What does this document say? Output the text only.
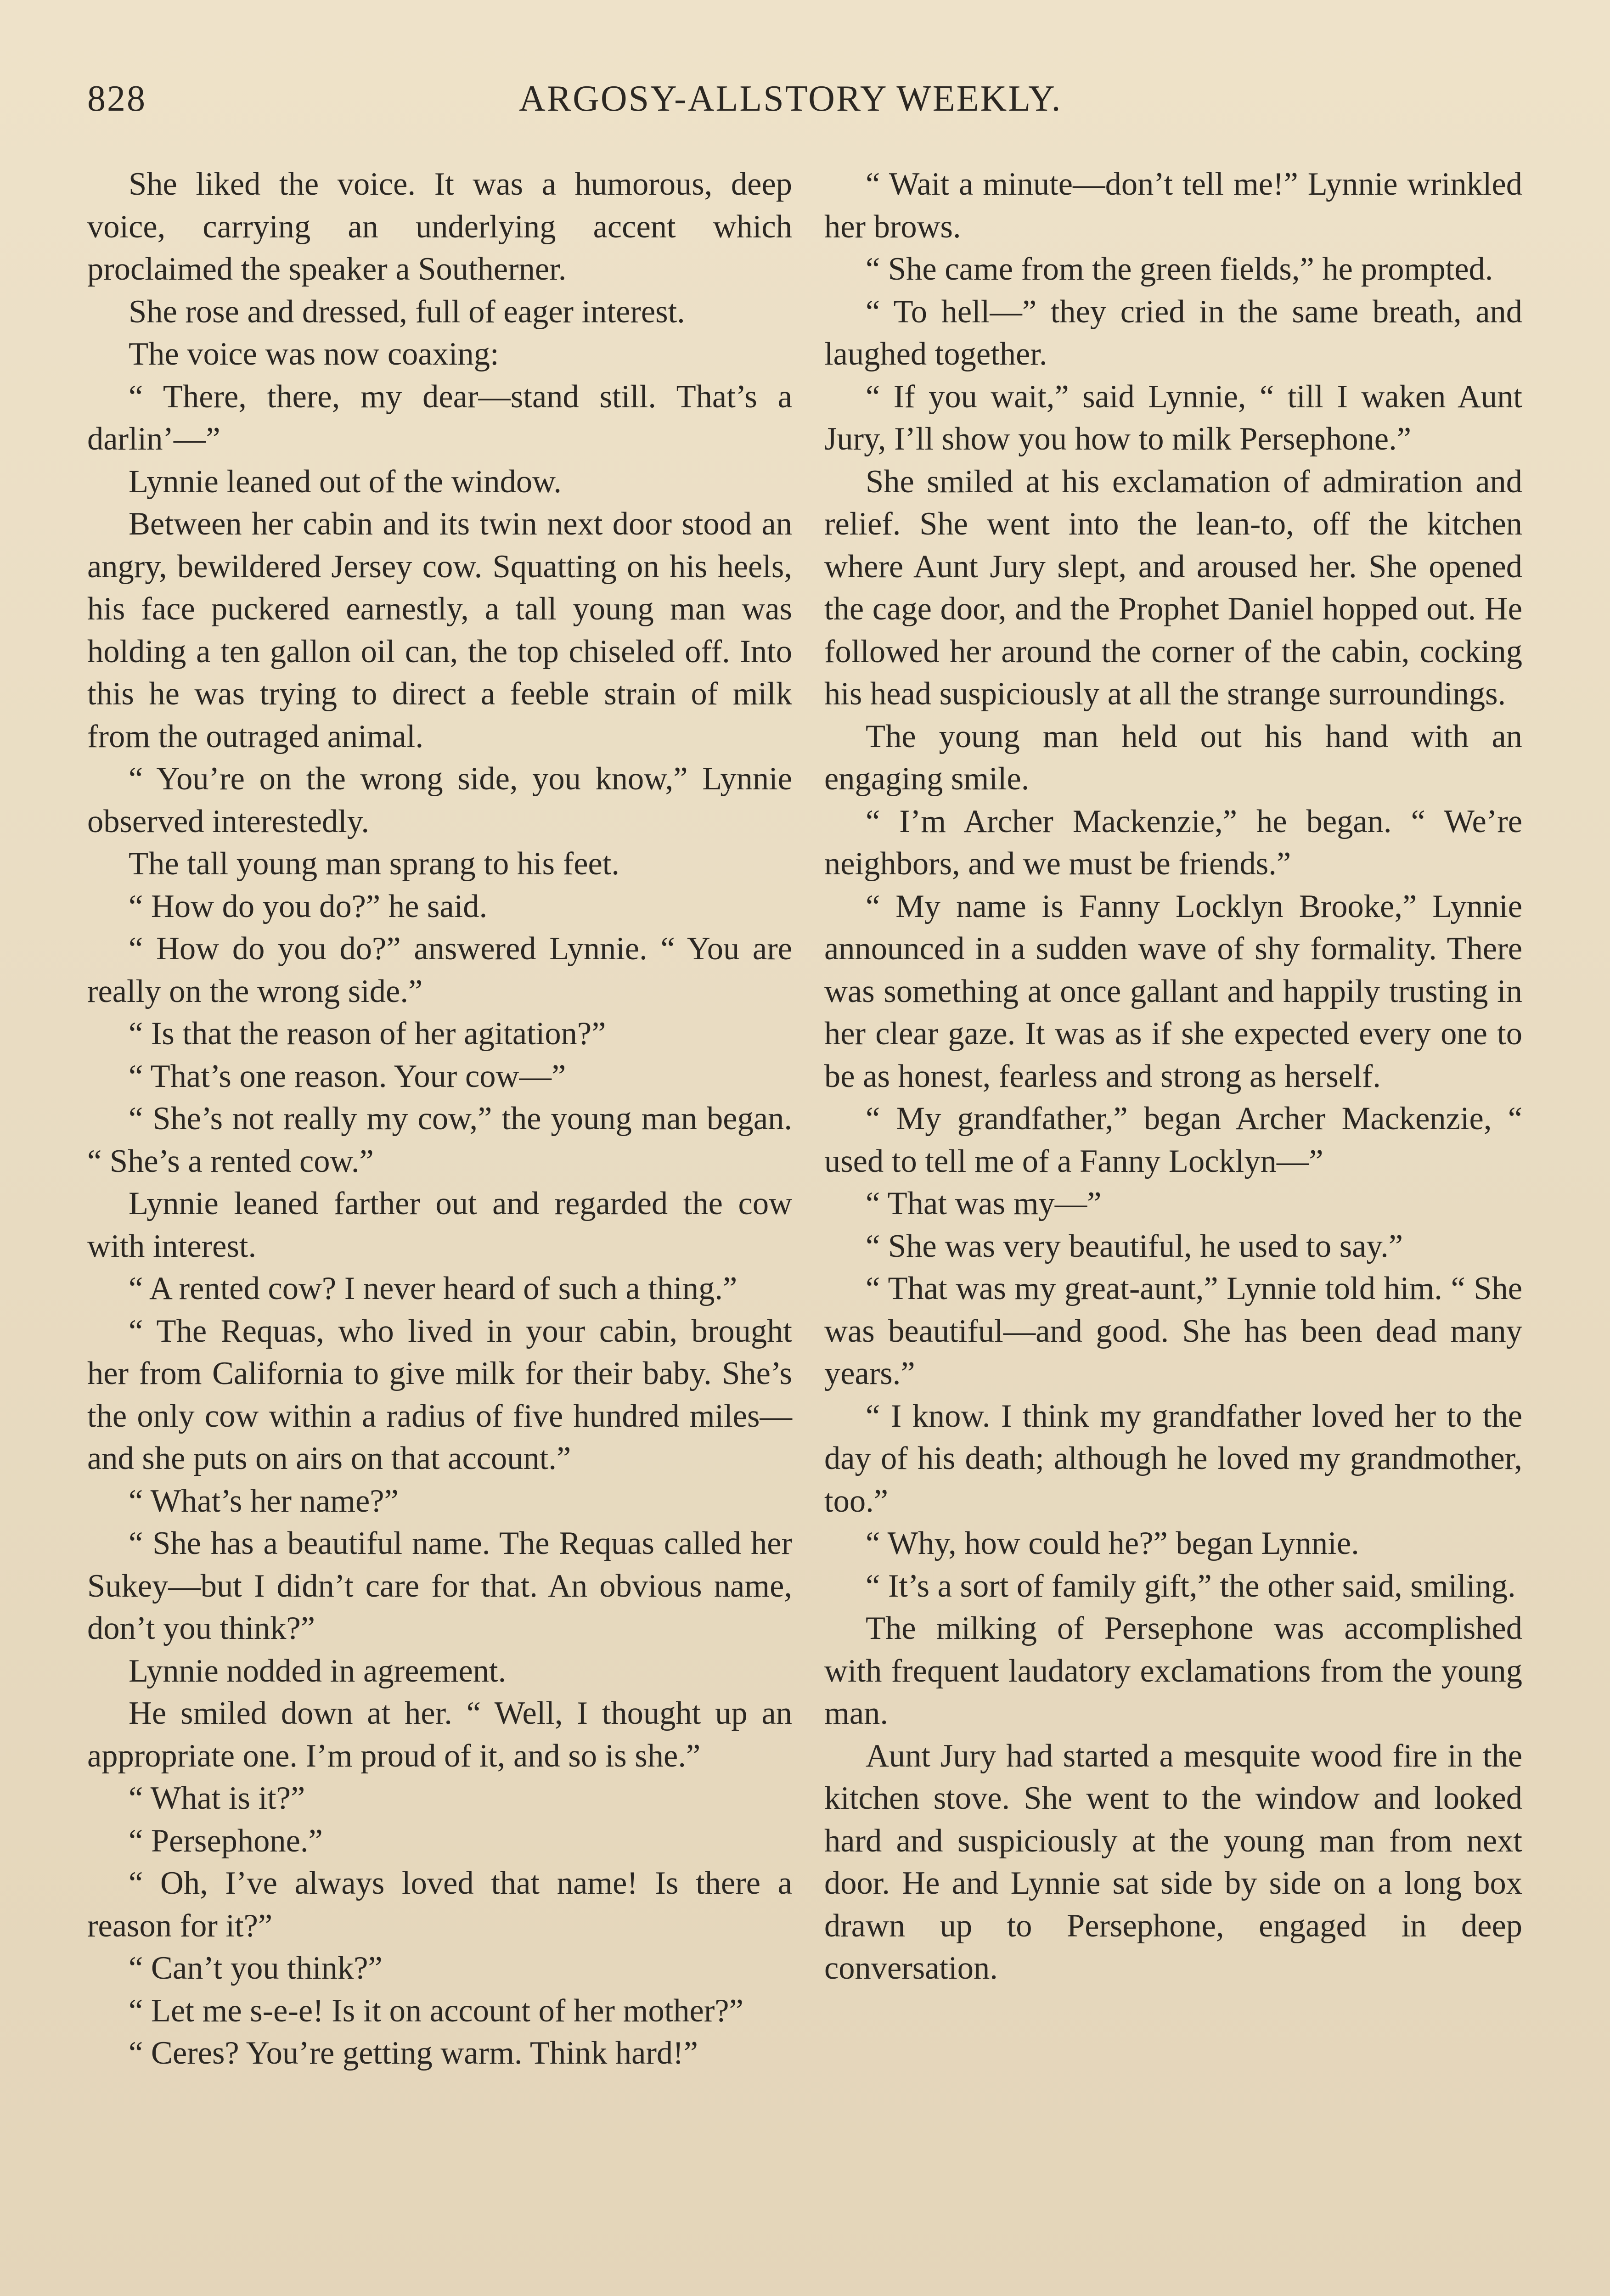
828	ARGOSY-ALLSTORY WEEKLY.

She liked the voice. It was a humorous, deep voice, carrying an underlying accent which proclaimed the speaker a Southerner.

She rose and dressed, full of eager interest.

The voice was now coaxing:

“ There, there, my dear—stand still. That’s a darlin’—”

Lynnie leaned out of the window.

Between her cabin and its twin next door stood an angry, bewildered Jersey cow. Squatting on his heels, his face puckered earnestly, a tall young man was holding a ten gallon oil can, the top chiseled off. Into this he was trying to direct a feeble strain of milk from the outraged animal.

“ You’re on the wrong side, you know,” Lynnie observed interestedly.

The tall young man sprang to his feet.

“ How do you do?” he said.

“ How do you do?” answered Lynnie. “ You are really on the wrong side.”

“ Is that the reason of her agitation?”

“ That’s one reason. Your cow—”

“ She’s not really my cow,” the young man began. “ She’s a rented cow.”

Lynnie leaned farther out and regarded the cow with interest.

“ A rented cow? I never heard of such a thing.”

“ The Requas, who lived in your cabin, brought her from California to give milk for their baby. She’s the only cow within a radius of five hundred miles—and she puts on airs on that account.”

“ What’s her name?”

“ She has a beautiful name. The Requas called her Sukey—but I didn’t care for that. An obvious name, don’t you think?”

Lynnie nodded in agreement.

He smiled down at her. “ Well, I thought up an appropriate one. I’m proud of it, and so is she.”

“ What is it?”

“ Persephone.”

“ Oh, I’ve always loved that name! Is there a reason for it?”

“ Can’t you think?”

“ Let me s-e-e! Is it on account of her mother?”

“ Ceres? You’re getting warm. Think hard!”

“ Wait a minute—don’t tell me!” Lynnie wrinkled her brows.

“ She came from the green fields,” he prompted.

“ To hell—” they cried in the same breath, and laughed together.

“ If you wait,” said Lynnie, “ till I waken Aunt Jury, I’ll show you how to milk Persephone.”

She smiled at his exclamation of admiration and relief. She went into the lean-to, off the kitchen where Aunt Jury slept, and aroused her. She opened the cage door, and the Prophet Daniel hopped out. He followed her around the corner of the cabin, cocking his head suspiciously at all the strange surroundings.

The young man held out his hand with an engaging smile.

“ I’m Archer Mackenzie,” he began. “ We’re neighbors, and we must be friends.”

“ My name is Fanny Locklyn Brooke,” Lynnie announced in a sudden wave of shy formality. There was something at once gallant and happily trusting in her clear gaze. It was as if she expected every one to be as honest, fearless and strong as herself.

“ My grandfather,” began Archer Mackenzie, “ used to tell me of a Fanny Locklyn—”

“ That was my—”

“ She was very beautiful, he used to say.”

“ That was my great-aunt,” Lynnie told him. “ She was beautiful—and good. She has been dead many years.”

“ I know. I think my grandfather loved her to the day of his death; although he loved my grandmother, too.”

“ Why, how could he?” began Lynnie.

“ It’s a sort of family gift,” the other said, smiling.

The milking of Persephone was accomplished with frequent laudatory exclamations from the young man.

Aunt Jury had started a mesquite wood fire in the kitchen stove. She went to the window and looked hard and suspiciously at the young man from next door. He and Lynnie sat side by side on a long box drawn up to Persephone, engaged in deep conversation.
